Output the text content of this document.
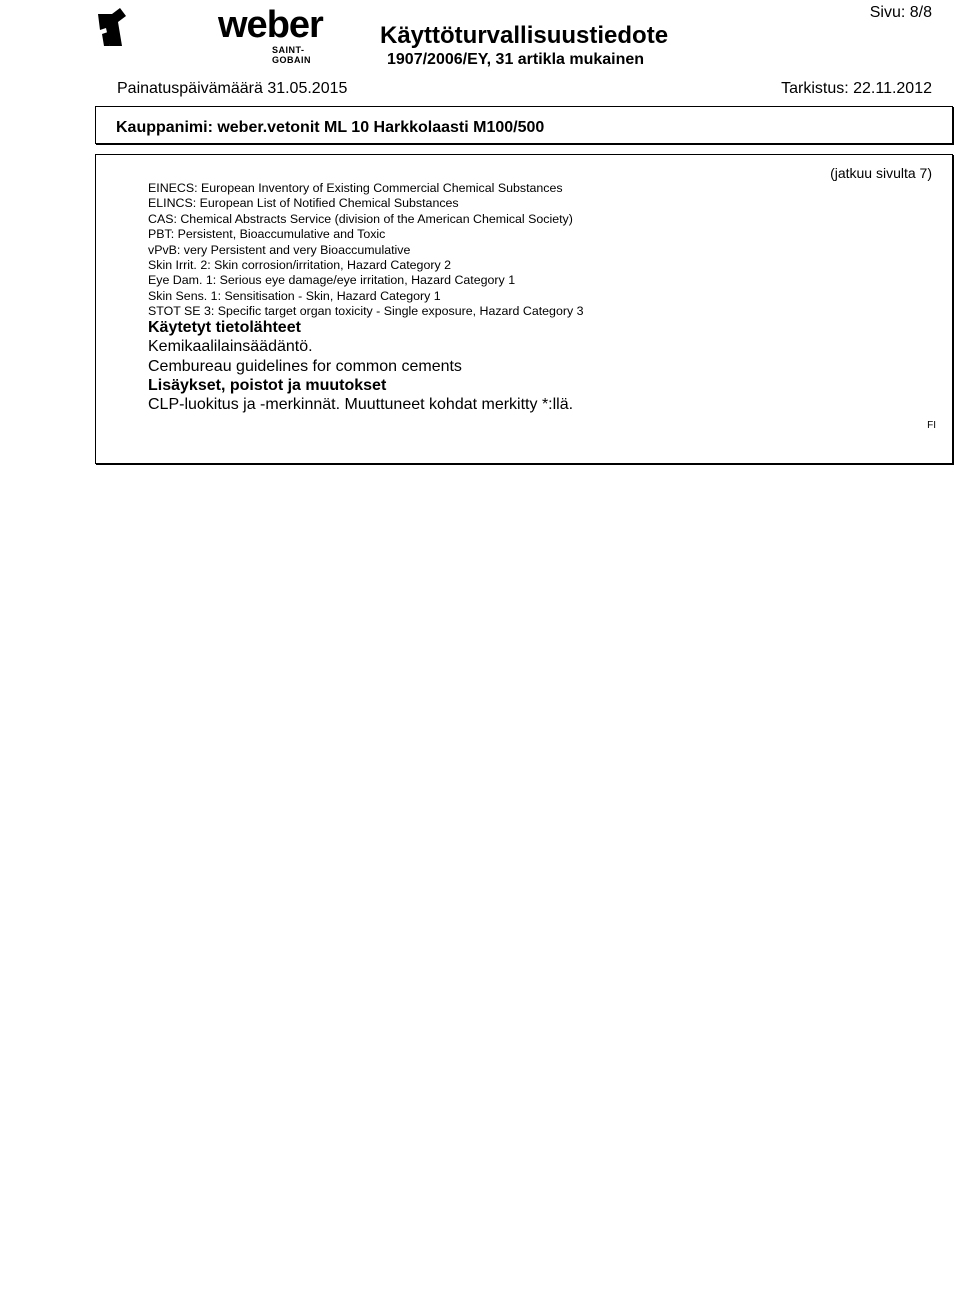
weber
SAINT-GOBAIN
Käyttöturvallisuustiedote
1907/2006/EY, 31 artikla mukainen
Sivu: 8/8
Painatuspäivämäärä 31.05.2015	Tarkistus: 22.11.2012
Kauppanimi: weber.vetonit ML 10 Harkkolaasti M100/500
(jatkuu sivulta 7)
EINECS: European Inventory of Existing Commercial Chemical Substances
ELINCS: European List of Notified Chemical Substances
CAS: Chemical Abstracts Service (division of the American Chemical Society)
PBT: Persistent, Bioaccumulative and Toxic
vPvB: very Persistent and very Bioaccumulative
Skin Irrit. 2: Skin corrosion/irritation, Hazard Category 2
Eye Dam. 1: Serious eye damage/eye irritation, Hazard Category 1
Skin Sens. 1: Sensitisation - Skin, Hazard Category 1
STOT SE 3: Specific target organ toxicity - Single exposure, Hazard Category 3
Käytetyt tietolähteet
Kemikaalilainsäädäntö.
Cembureau guidelines for common cements
Lisäykset, poistot ja muutokset
CLP-luokitus ja -merkinnät. Muuttuneet kohdat merkitty *:llä.
FI
